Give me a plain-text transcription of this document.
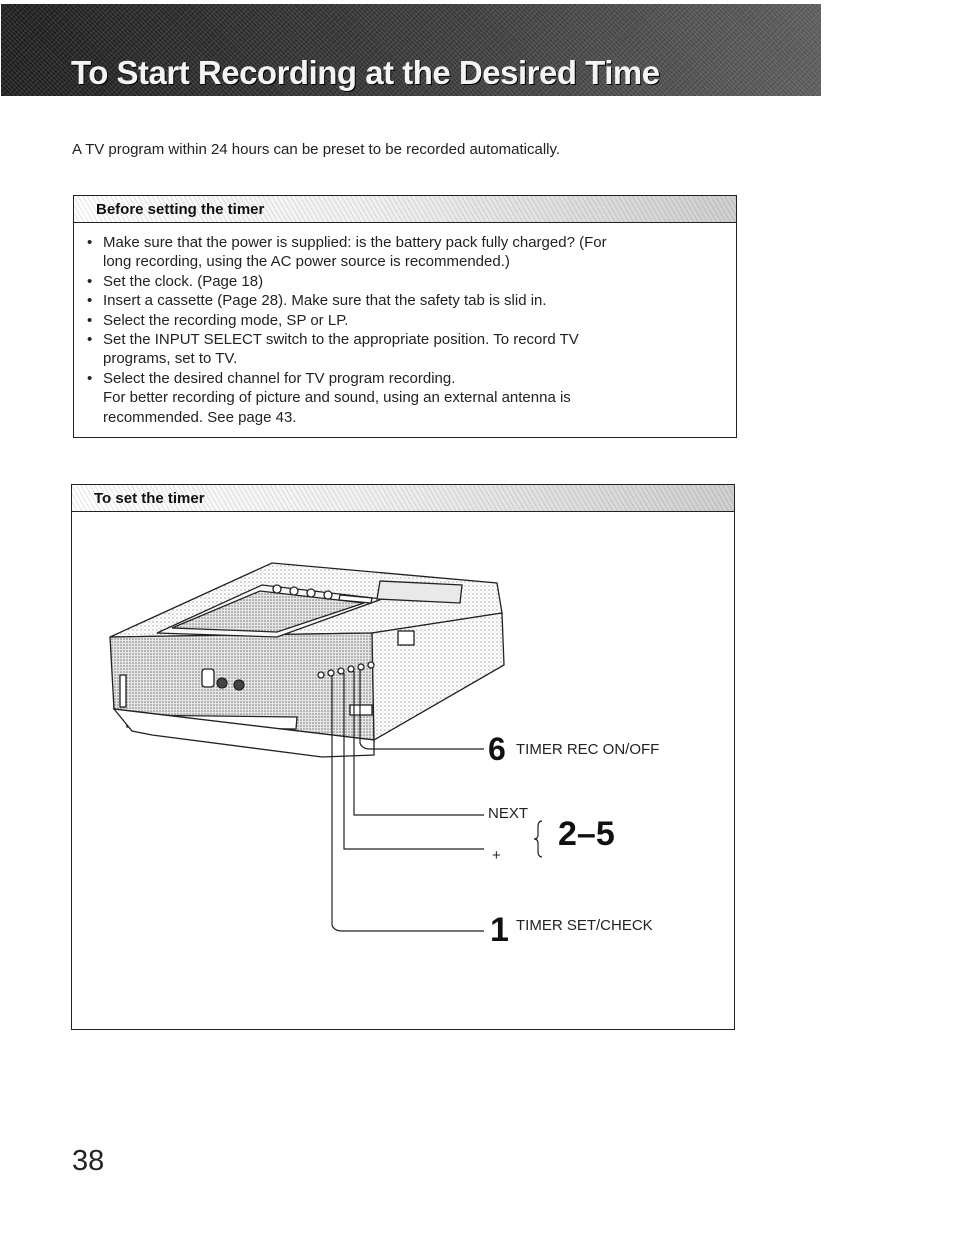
To Start Recording at the Desired Time
A TV program within 24 hours can be preset to be recorded automatically.
Before setting the timer
• Make sure that the power is supplied: is the battery pack fully charged? (For
long recording, using the AC power source is recommended.)
• Set the clock. (Page 18)
• Insert a cassette (Page 28). Make sure that the safety tab is slid in.
• Select the recording mode, SP or LP.
• Set the INPUT SELECT switch to the appropriate position. To record TV
programs, set to TV.
• Select the desired channel for TV program recording.
For better recording of picture and sound, using an external antenna is
recommended. See page 43.
To set the timer
6 TIMER REC ON/OFF
NEXT
+
2–5
1 TIMER SET/CHECK
38
